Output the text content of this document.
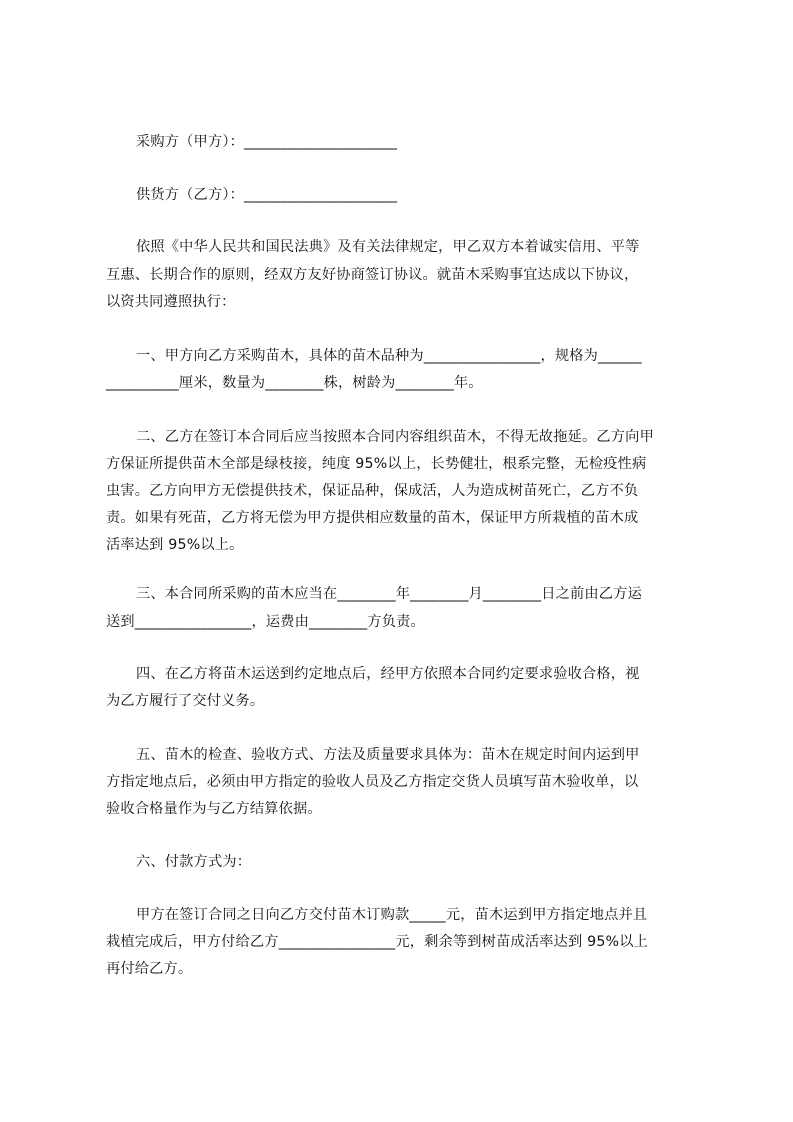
采购方（甲方）：_____________________
供货方（乙方）：_____________________
依照《中华人民共和国民法典》及有关法律规定，甲乙双方本着诚实信用、平等
互惠、长期合作的原则，经双方友好协商签订协议。就苗木采购事宜达成以下协议，
以资共同遵照执行：
一、甲方向乙方采购苗木，具体的苗木品种为________________，规格为______
__________厘米，数量为________株，树龄为________年。
二、乙方在签订本合同后应当按照本合同内容组织苗木，不得无故拖延。乙方向甲
方保证所提供苗木全部是绿枝接，纯度 95%以上，长势健壮，根系完整，无检疫性病
虫害。乙方向甲方无偿提供技术，保证品种，保成活，人为造成树苗死亡，乙方不负
责。如果有死苗，乙方将无偿为甲方提供相应数量的苗木，保证甲方所栽植的苗木成
活率达到 95%以上。
三、本合同所采购的苗木应当在________年________月________日之前由乙方运
送到________________，运费由________方负责。
四、在乙方将苗木运送到约定地点后，经甲方依照本合同约定要求验收合格，视
为乙方履行了交付义务。
五、苗木的检查、验收方式、方法及质量要求具体为：苗木在规定时间内运到甲
方指定地点后，必须由甲方指定的验收人员及乙方指定交货人员填写苗木验收单，以
验收合格量作为与乙方结算依据。
六、付款方式为：
甲方在签订合同之日向乙方交付苗木订购款_____元，苗木运到甲方指定地点并且
栽植完成后，甲方付给乙方________________元，剩余等到树苗成活率达到 95%以上
再付给乙方。
